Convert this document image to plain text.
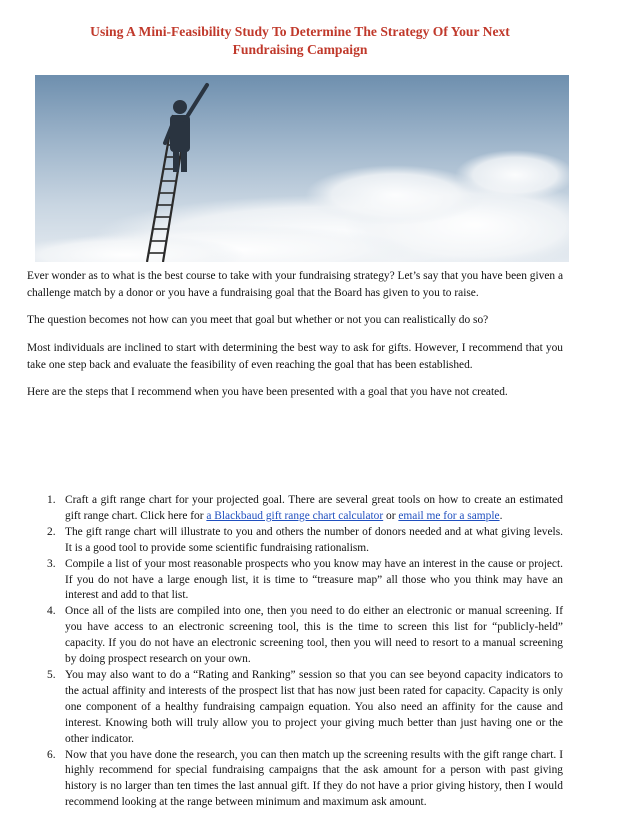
Using A Mini-Feasibility Study To Determine The Strategy Of Your Next
Fundraising Campaign

Ever wonder as to what is the best course to take with your fundraising strategy? Let’s say that you have been given a challenge match by a donor or you have a fundraising goal that the Board has given to you to raise.

The question becomes not how can you meet that goal but whether or not you can realistically do so?

Most individuals are inclined to start with determining the best way to ask for gifts. However, I recommend that you take one step back and evaluate the feasibility of even reaching the goal that has been established.

Here are the steps that I recommend when you have been presented with a goal that you have not created.

1. Craft a gift range chart for your projected goal. There are several great tools on how to create an estimated gift range chart. Click here for a Blackbaud gift range chart calculator or email me for a sample.
2. The gift range chart will illustrate to you and others the number of donors needed and at what giving levels. It is a good tool to provide some scientific fundraising rationalism.
3. Compile a list of your most reasonable prospects who you know may have an interest in the cause or project. If you do not have a large enough list, it is time to “treasure map” all those who you think may have an interest and add to that list.
4. Once all of the lists are compiled into one, then you need to do either an electronic or manual screening. If you have access to an electronic screening tool, this is the time to screen this list for “publicly-held” capacity. If you do not have an electronic screening tool, then you will need to resort to a manual screening by doing prospect research on your own.
5. You may also want to do a “Rating and Ranking” session so that you can see beyond capacity indicators to the actual affinity and interests of the prospect list that has now just been rated for capacity. Capacity is only one component of a healthy fundraising campaign equation. You also need an affinity for the cause and interest. Knowing both will truly allow you to project your giving much better than just having one or the other indicator.
6. Now that you have done the research, you can then match up the screening results with the gift range chart. I highly recommend for special fundraising campaigns that the ask amount for a person with past giving history is no larger than ten times the last annual gift. If they do not have a prior giving history, then I would recommend looking at the range between minimum and maximum ask amount.
